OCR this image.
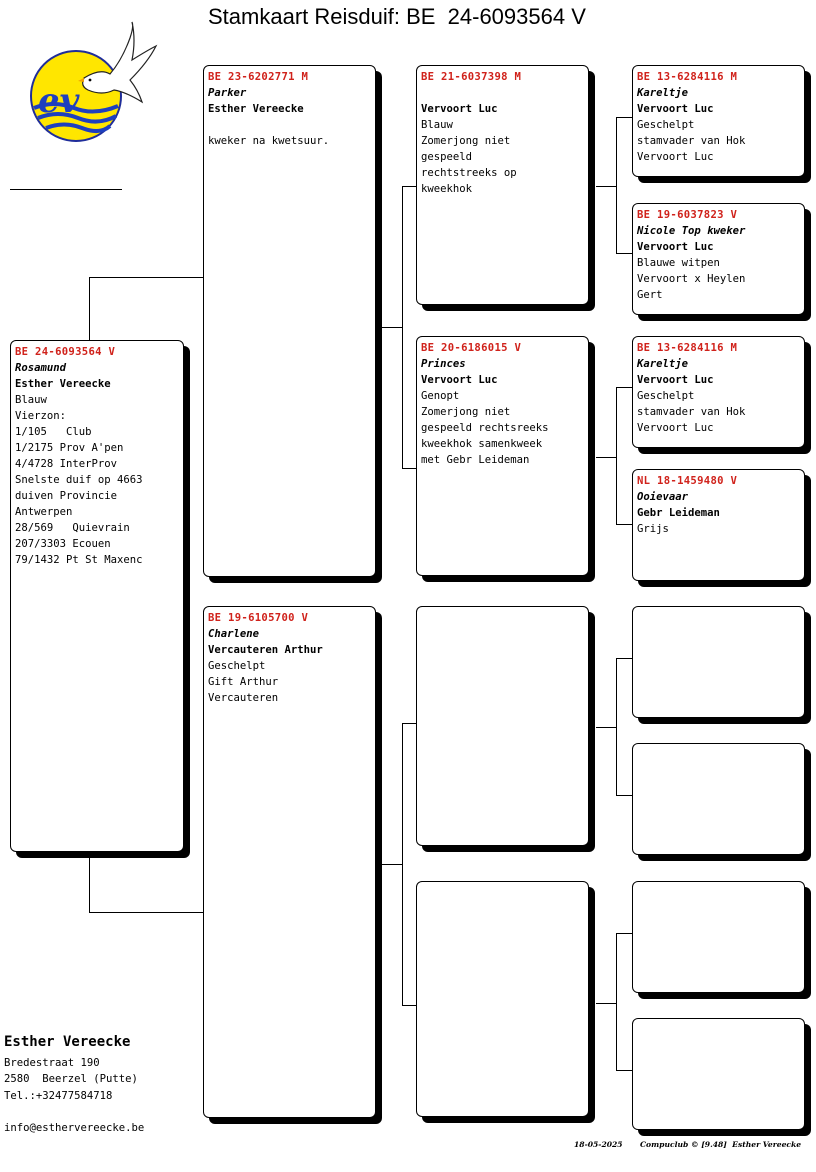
Stamkaart Reisduif: BE  24-6093564 V
ev
BE 24-6093564 V
Rosamund
Esther Vereecke
Blauw
Vierzon:
1/105   Club
1/2175 Prov A'pen
4/4728 InterProv
Snelste duif op 4663
duiven Provincie
Antwerpen
28/569   Quievrain
207/3303 Ecouen
79/1432 Pt St Maxenc
BE 23-6202771 M
Parker
Esther Vereecke
kweker na kwetsuur.
BE 19-6105700 V
Charlene
Vercauteren Arthur
Geschelpt
Gift Arthur
Vercauteren
BE 21-6037398 M
Vervoort Luc
Blauw
Zomerjong niet
gespeeld
rechtstreeks op
kweekhok
BE 20-6186015 V
Princes
Vervoort Luc
Genopt
Zomerjong niet
gespeeld rechtsreeks
kweekhok samenkweek
met Gebr Leideman
BE 13-6284116 M
Kareltje
Vervoort Luc
Geschelpt
stamvader van Hok
Vervoort Luc
BE 19-6037823 V
Nicole Top kweker
Vervoort Luc
Blauwe witpen
Vervoort x Heylen
Gert
BE 13-6284116 M
Kareltje
Vervoort Luc
Geschelpt
stamvader van Hok
Vervoort Luc
NL 18-1459480 V
Ooievaar
Gebr Leideman
Grijs
Esther Vereecke
Bredestraat 190
2580  Beerzel (Putte)
Tel.:+32477584718
info@esthervereecke.be
18-05-2025 Compuclub © [9.48]  Esther Vereecke
